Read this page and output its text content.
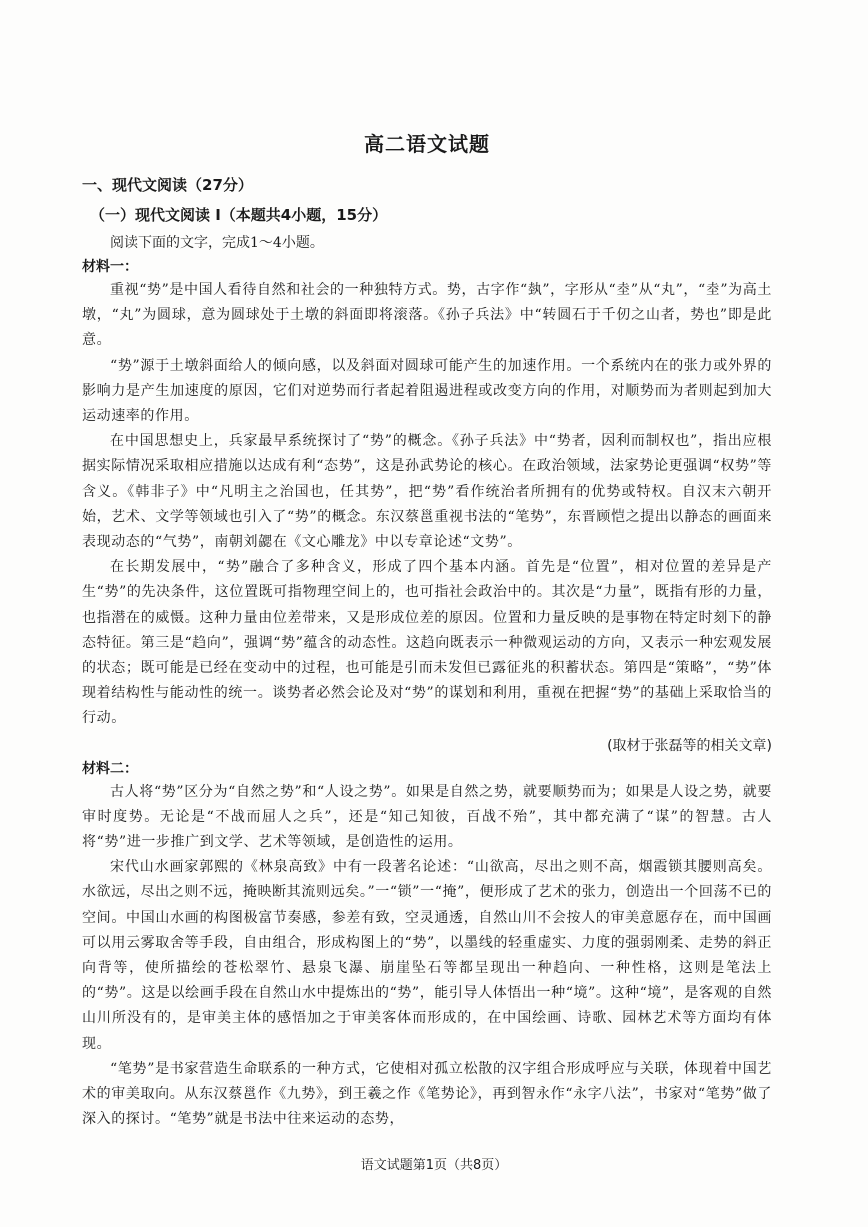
高二语文试题
一、现代文阅读（27分）
（一）现代文阅读 I（本题共4小题，15分）

阅读下面的文字，完成1～4小题。

材料一：

重视“势”是中国人看待自然和社会的一种独特方式。势，古字作“埶”，字形从“坴”从“丸”，“坴”为高土墩，“丸”为圆球，意为圆球处于土墩的斜面即将滚落。《孙子兵法》中“转圆石于千仞之山者，势也”即是此意。

“势”源于土墩斜面给人的倾向感，以及斜面对圆球可能产生的加速作用。一个系统内在的张力或外界的影响力是产生加速度的原因，它们对逆势而行者起着阻遏进程或改变方向的作用，对顺势而为者则起到加大运动速率的作用。

在中国思想史上，兵家最早系统探讨了“势”的概念。《孙子兵法》中“势者，因利而制权也”，指出应根据实际情况采取相应措施以达成有利“态势”，这是孙武势论的核心。在政治领域，法家势论更强调“权势”等含义。《韩非子》中“凡明主之治国也，任其势”，把“势”看作统治者所拥有的优势或特权。自汉末六朝开始，艺术、文学等领域也引入了“势”的概念。东汉蔡邕重视书法的“笔势”，东晋顾恺之提出以静态的画面来表现动态的“气势”，南朝刘勰在《文心雕龙》中以专章论述“文势”。

在长期发展中，“势”融合了多种含义，形成了四个基本内涵。首先是“位置”，相对位置的差异是产生“势”的先决条件，这位置既可指物理空间上的，也可指社会政治中的。其次是“力量”，既指有形的力量，也指潜在的威慑。这种力量由位差带来，又是形成位差的原因。位置和力量反映的是事物在特定时刻下的静态特征。第三是“趋向”，强调“势”蕴含的动态性。这趋向既表示一种微观运动的方向，又表示一种宏观发展的状态；既可能是已经在变动中的过程，也可能是引而未发但已露征兆的积蓄状态。第四是“策略”，“势”体现着结构性与能动性的统一。谈势者必然会论及对“势”的谋划和利用，重视在把握“势”的基础上采取恰当的行动。

(取材于张磊等的相关文章)
材料二：

古人将“势”区分为“自然之势”和“人设之势”。如果是自然之势，就要顺势而为；如果是人设之势，就要审时度势。无论是“不战而屈人之兵”，还是“知己知彼，百战不殆”，其中都充满了“谋”的智慧。古人将“势”进一步推广到文学、艺术等领域，是创造性的运用。

宋代山水画家郭熙的《林泉高致》中有一段著名论述：“山欲高，尽出之则不高，烟霞锁其腰则高矣。水欲远，尽出之则不远，掩映断其流则远矣。”一“锁”一“掩”，便形成了艺术的张力，创造出一个回荡不已的空间。中国山水画的构图极富节奏感，参差有致，空灵通透，自然山川不会按人的审美意愿存在，而中国画可以用云雾取舍等手段，自由组合，形成构图上的“势”，以墨线的轻重虚实、力度的强弱刚柔、走势的斜正向背等，使所描绘的苍松翠竹、悬泉飞瀑、崩崖坠石等都呈现出一种趋向、一种性格，这则是笔法上的“势”。这是以绘画手段在自然山水中提炼出的“势”，能引导人体悟出一种“境”。这种“境”，是客观的自然山川所没有的，是审美主体的感悟加之于审美客体而形成的，在中国绘画、诗歌、园林艺术等方面均有体现。

“笔势”是书家营造生命联系的一种方式，它使相对孤立松散的汉字组合形成呼应与关联，体现着中国艺术的审美取向。从东汉蔡邕作《九势》，到王羲之作《笔势论》，再到智永作“永字八法”，书家对“笔势”做了深入的探讨。“笔势”就是书法中往来运动的态势，

语文试题第1页（共8页）
